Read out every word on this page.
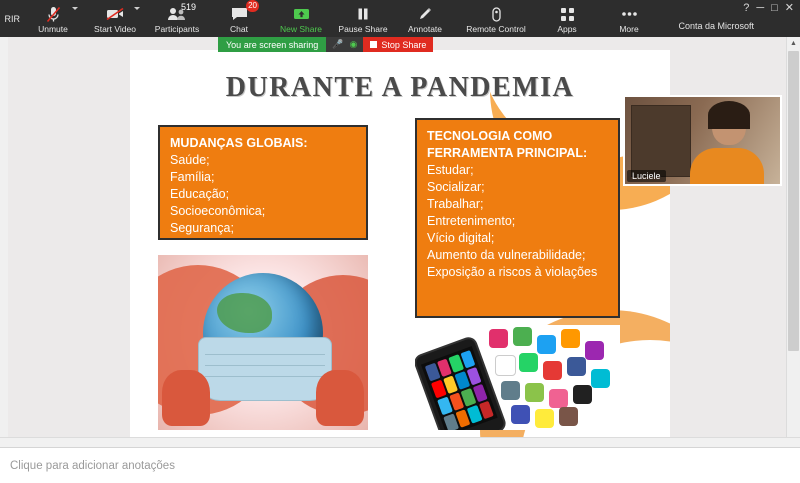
RIR
Unmute	Start Video
519
Participants
20
Chat	New Share Pause Share Annotate	Remote Control	Apps	More
? ─ □ ✕
Conta da Microsoft
You are screen sharing	🎤 ◉	Stop Share
DURANTE A PANDEMIA
MUDANÇAS GLOBAIS:
Saúde;
Família;
Educação;
Socioeconômica;
Segurança;
TECNOLOGIA COMO
FERRAMENTA PRINCIPAL:
Estudar;
Socializar;
Trabalhar;
Entretenimento;
Vício digital;
Aumento da vulnerabilidade;
Exposição a riscos à violações
Luciele
▲
Clique para adicionar anotações
